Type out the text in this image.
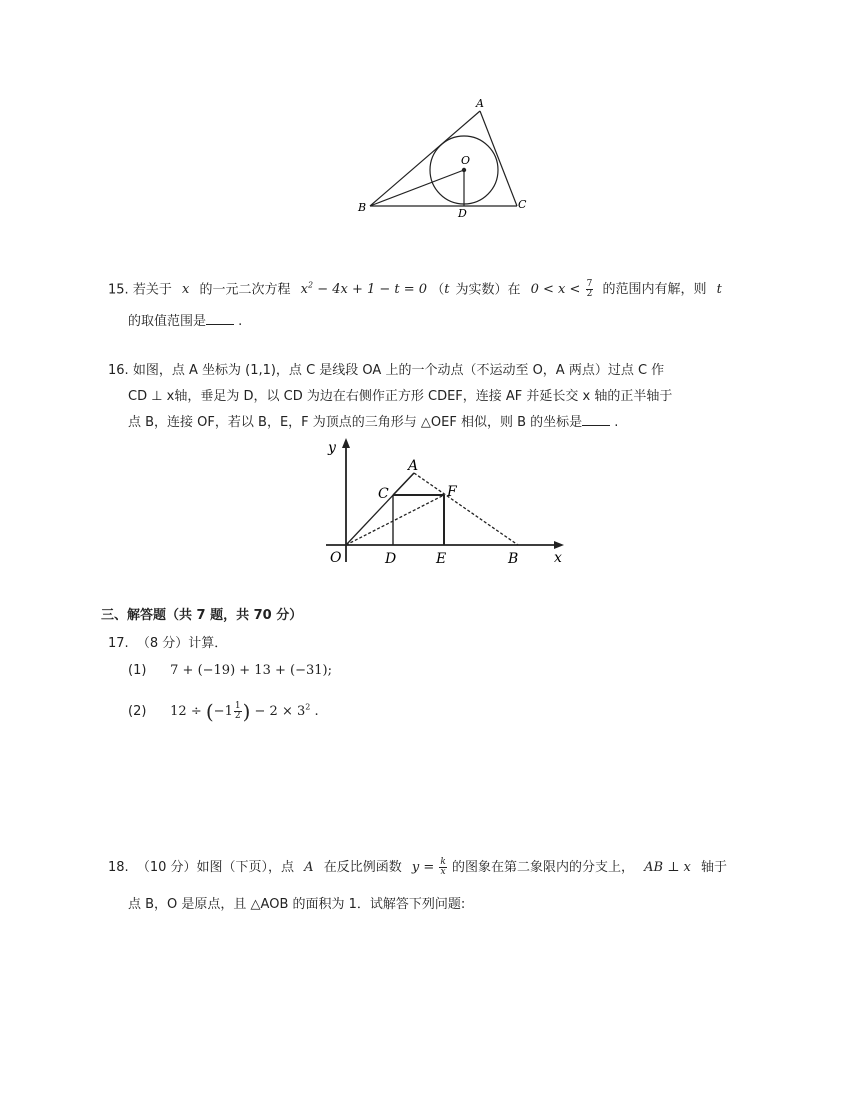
A
O
B	D
C
15. 若关于 x 的一元二次方程 $x^2 - 4x + 1 - t = 0$ （t 为实数）在 $0 < x < \frac{7}{2}$ 的范围内有解，则 t
的取值范围是 .
16. 如图，点 A 坐标为 (1,1)，点 C 是线段 OA 上的一个动点（不运动至 O，A 两点）过点 C 作
CD ⊥ x轴，垂足为 D，以 CD 为边在右侧作正方形 CDEF，连接 AF 并延长交 x 轴的正半轴于
点 B，连接 OF，若以 B，E，F 为顶点的三角形与 △OEF 相似，则 B 的坐标是 .
y
x
O
A
C	F
D	E	B
三、解答题（共 7 题，共 70 分）
17. （8 分）计算．
(1) 7 + (−19) + 13 + (−31);
(2) $12 \div (-1 \frac{1}{2}$ ) − $2 \times 3^2$ .
18. （10 分）如图（下页），点 A 在反比例函数 $y = \frac{k}{x}$ 的图象在第二象限内的分支上， AB ⊥ x 轴于
点 B，O 是原点，且 △AOB 的面积为 1．试解答下列问题:
